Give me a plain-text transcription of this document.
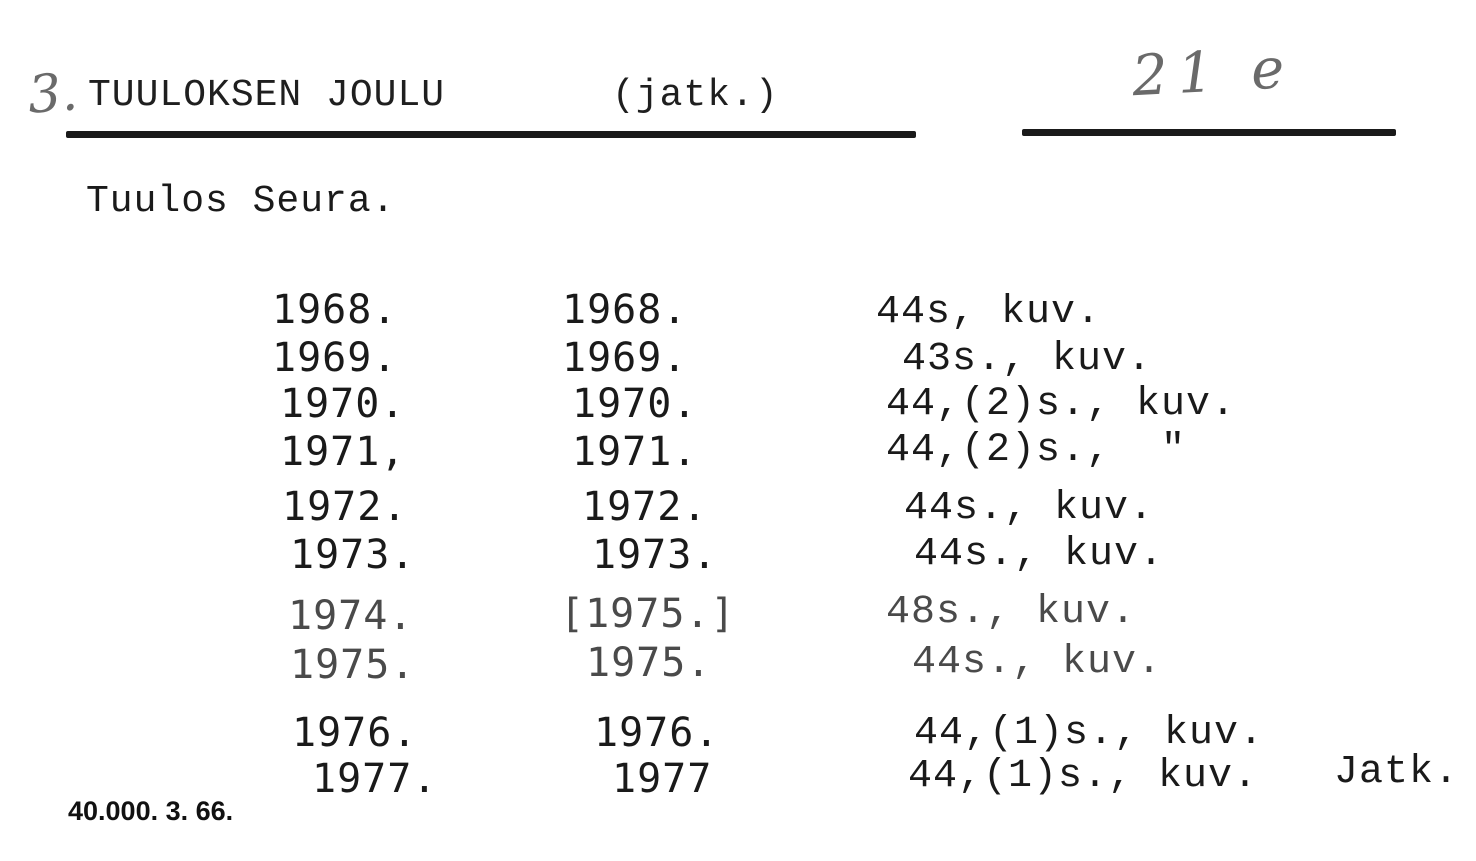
3. TUULOKSEN JOULU	(jatk.)	21 e
Tuulos Seura.
1968.	1968.	44s, kuv.
1969.	1969.	43s., kuv.
1970.	1970.	44,(2)s., kuv.
1971,	1971.	44,(2)s.,  "
1972.	1972.	44s., kuv.
1973.	1973.	44s., kuv.
1974.	[1975.]	48s., kuv.
1975.	1975.	44s., kuv.
1976.	1976.	44,(1)s., kuv.
1977.	1977	44,(1)s., kuv. Jatk.
40.000. 3. 66.
